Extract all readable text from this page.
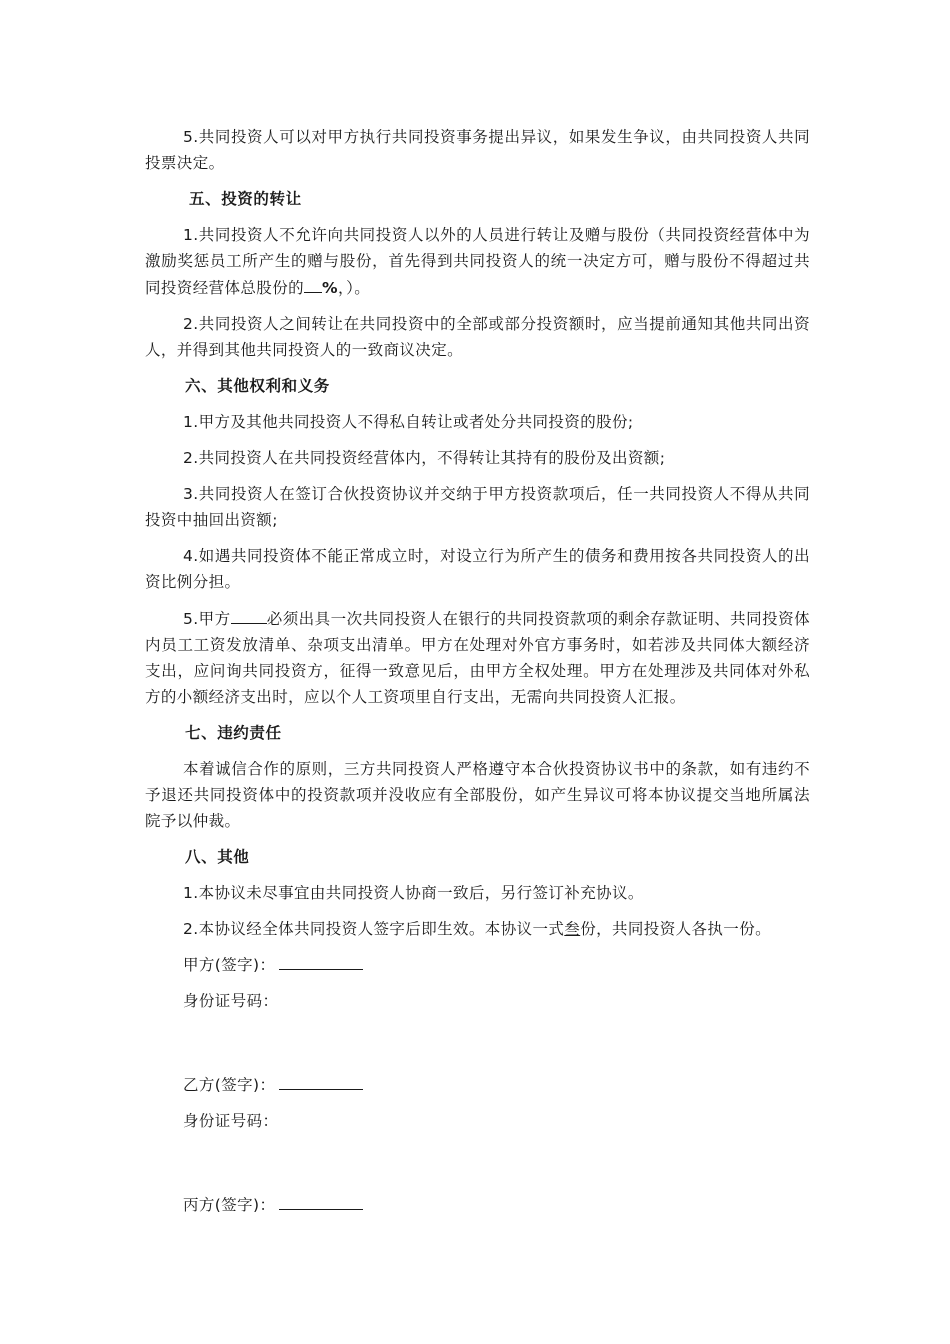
5.共同投资人可以对甲方执行共同投资事务提出异议，如果发生争议，由共同投资人共同投票决定。

五、投资的转让

1.共同投资人不允许向共同投资人以外的人员进行转让及赠与股份（共同投资经营体中为激励奖惩员工所产生的赠与股份，首先得到共同投资人的统一决定方可，赠与股份不得超过共同投资经营体总股份的 %，）。

2.共同投资人之间转让在共同投资中的全部或部分投资额时，应当提前通知其他共同出资人，并得到其他共同投资人的一致商议决定。

六、其他权利和义务

1.甲方及其他共同投资人不得私自转让或者处分共同投资的股份;

2.共同投资人在共同投资经营体内，不得转让其持有的股份及出资额;

3.共同投资人在签订合伙投资协议并交纳于甲方投资款项后，任一共同投资人不得从共同投资中抽回出资额;

4.如遇共同投资体不能正常成立时，对设立行为所产生的债务和费用按各共同投资人的出资比例分担。

5.甲方 必须出具一次共同投资人在银行的共同投资款项的剩余存款证明、共同投资体内员工工资发放清单、杂项支出清单。甲方在处理对外官方事务时，如若涉及共同体大额经济支出，应问询共同投资方，征得一致意见后，由甲方全权处理。甲方在处理涉及共同体对外私方的小额经济支出时，应以个人工资项里自行支出，无需向共同投资人汇报。

七、违约责任

本着诚信合作的原则，三方共同投资人严格遵守本合伙投资协议书中的条款，如有违约不予退还共同投资体中的投资款项并没收应有全部股份，如产生异议可将本协议提交当地所属法院予以仲裁。

八、其他

1.本协议未尽事宜由共同投资人协商一致后，另行签订补充协议。

2.本协议经全体共同投资人签字后即生效。本协议一式叁份，共同投资人各执一份。

甲方(签字)：
身份证号码：
乙方(签字)：
身份证号码：
丙方(签字)：
